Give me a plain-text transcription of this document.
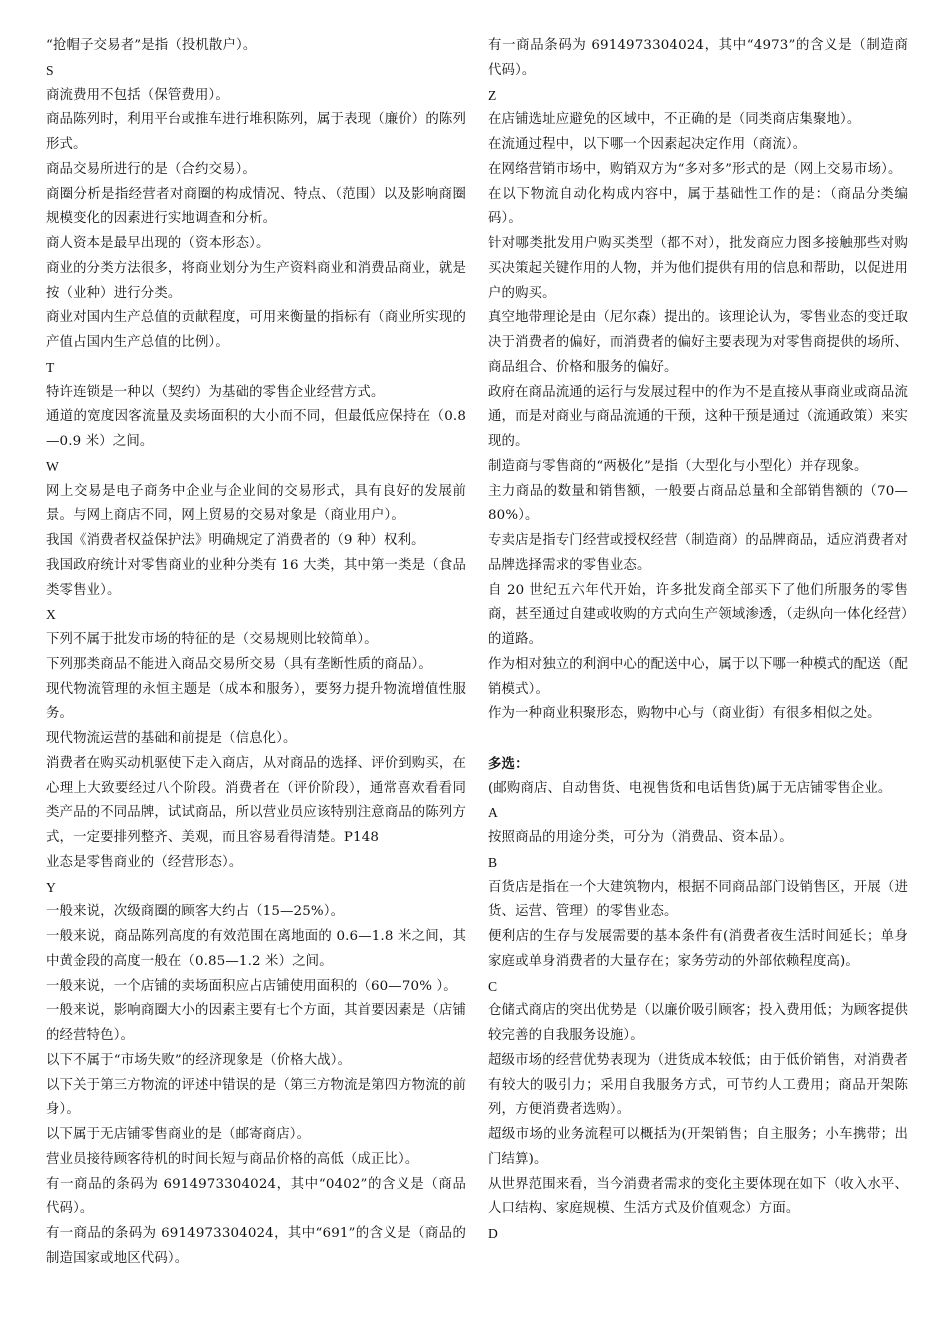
“抢帽子交易者”是指（投机散户）。

S

商流费用不包括（保管费用）。

商品陈列时，利用平台或推车进行堆积陈列，属于表现（廉价）的陈列形式。

商品交易所进行的是（合约交易）。

商圈分析是指经营者对商圈的构成情况、特点、（范围）以及影响商圈规模变化的因素进行实地调查和分析。

商人资本是最早出现的（资本形态）。

商业的分类方法很多，将商业划分为生产资料商业和消费品商业，就是按（业种）进行分类。

商业对国内生产总值的贡献程度，可用来衡量的指标有（商业所实现的产值占国内生产总值的比例）。

T

特许连锁是一种以（契约）为基础的零售企业经营方式。

通道的宽度因客流量及卖场面积的大小而不同，但最低应保持在（0.8—0.9 米）之间。

W

网上交易是电子商务中企业与企业间的交易形式，具有良好的发展前景。与网上商店不同，网上贸易的交易对象是（商业用户）。

我国《消费者权益保护法》明确规定了消费者的（9 种）权利。

我国政府统计对零售商业的业种分类有 16 大类，其中第一类是（食品类零售业）。

X

下列不属于批发市场的特征的是（交易规则比较简单）。

下列那类商品不能进入商品交易所交易（具有垄断性质的商品）。

现代物流管理的永恒主题是（成本和服务），要努力提升物流增值性服务。

现代物流运营的基础和前提是（信息化）。

消费者在购买动机驱使下走入商店，从对商品的选择、评价到购买，在心理上大致要经过八个阶段。消费者在（评价阶段），通常喜欢看看同类产品的不同品牌，试试商品，所以营业员应该特别注意商品的陈列方式，一定要排列整齐、美观，而且容易看得清楚。P148

业态是零售商业的（经营形态）。

Y

一般来说，次级商圈的顾客大约占（15—25%）。

一般来说，商品陈列高度的有效范围在离地面的 0.6—1.8 米之间，其中黄金段的高度一般在（0.85—1.2 米）之间。

一般来说，一个店铺的卖场面积应占店铺使用面积的（60—70% ）。

一般来说，影响商圈大小的因素主要有七个方面，其首要因素是（店铺的经营特色）。

以下不属于“市场失败”的经济现象是（价格大战）。

以下关于第三方物流的评述中错误的是（第三方物流是第四方物流的前身）。

以下属于无店铺零售商业的是（邮寄商店）。

营业员接待顾客待机的时间长短与商品价格的高低（成正比）。

有一商品的条码为 6914973304024，其中“0402”的含义是（商品代码）。

有一商品的条码为 6914973304024，其中“691”的含义是（商品的制造国家或地区代码）。

有一商品条码为 6914973304024，其中“4973”的含义是（制造商代码）。

Z

在店铺选址应避免的区域中，不正确的是（同类商店集聚地）。

在流通过程中，以下哪一个因素起决定作用（商流）。

在网络营销市场中，购销双方为“多对多”形式的是（网上交易市场）。

在以下物流自动化构成内容中，属于基础性工作的是：（商品分类编码）。

针对哪类批发用户购买类型（都不对），批发商应力图多接触那些对购买决策起关键作用的人物，并为他们提供有用的信息和帮助，以促进用户的购买。

真空地带理论是由（尼尔森）提出的。该理论认为，零售业态的变迁取决于消费者的偏好，而消费者的偏好主要表现为对零售商提供的场所、商品组合、价格和服务的偏好。

政府在商品流通的运行与发展过程中的作为不是直接从事商业或商品流通，而是对商业与商品流通的干预，这种干预是通过（流通政策）来实现的。

制造商与零售商的“两极化”是指（大型化与小型化）并存现象。

主力商品的数量和销售额，一般要占商品总量和全部销售额的（70—80%）。

专卖店是指专门经营或授权经营（制造商）的品牌商品，适应消费者对品牌选择需求的零售业态。

自 20 世纪五六年代开始，许多批发商全部买下了他们所服务的零售商，甚至通过自建或收购的方式向生产领域渗透，（走纵向一体化经营）的道路。

作为相对独立的利润中心的配送中心，属于以下哪一种模式的配送（配销模式）。

作为一种商业积聚形态，购物中心与（商业街）有很多相似之处。

多选：

(邮购商店、自动售货、电视售货和电话售货)属于无店铺零售企业。

A

按照商品的用途分类，可分为（消费品、资本品）。

B

百货店是指在一个大建筑物内，根据不同商品部门设销售区，开展（进货、运营、管理）的零售业态。

便利店的生存与发展需要的基本条件有(消费者夜生活时间延长；单身家庭或单身消费者的大量存在；家务劳动的外部依赖程度高)。

C

仓储式商店的突出优势是（以廉价吸引顾客；投入费用低；为顾客提供较完善的自我服务设施）。

超级市场的经营优势表现为（进货成本较低；由于低价销售，对消费者有较大的吸引力；采用自我服务方式，可节约人工费用；商品开架陈列，方便消费者选购）。

超级市场的业务流程可以概括为(开架销售；自主服务；小车携带；出门结算)。

从世界范围来看，当今消费者需求的变化主要体现在如下（收入水平、人口结构、家庭规模、生活方式及价值观念）方面。

D
